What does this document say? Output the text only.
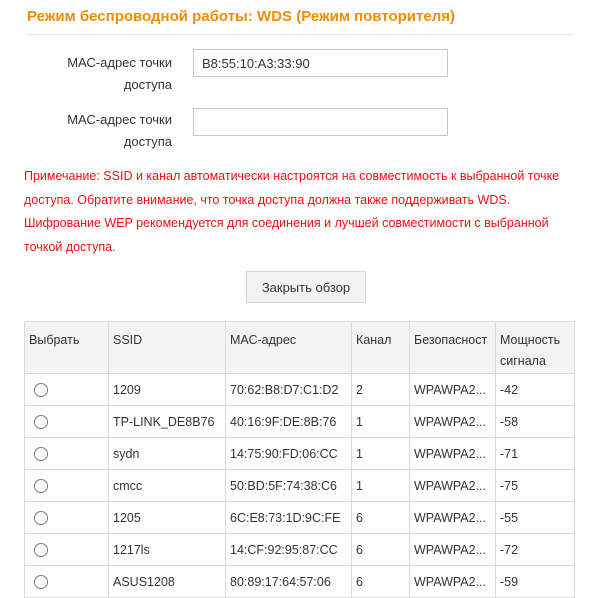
Режим беспроводной работы: WDS (Режим повторителя)
МАС-адрес точки
доступа
B8:55:10:A3:33:90
МАС-адрес точки
доступа
Примечание: SSID и канал автоматически настроятся на совместимость к выбранной точке доступа. Обратите внимание, что точка доступа должна также поддерживать WDS. Шифрование WEP рекомендуется для соединения и лучшей совместимости с выбранной точкой доступа.
Закрыть обзор
Выбрать	SSID	МАС-адрес	Канал	Безопасност	Мощность
сигнала

	1209	70:62:B8:D7:C1:D2	2	WPAWPA2...	-42
	TP-LINK_DE8B76	40:16:9F:DE:8B:76	1	WPAWPA2...	-58
	sydn	14:75:90:FD:06:CC	1	WPAWPA2...	-71
	cmcc	50:BD:5F:74:38:C6	1	WPAWPA2...	-75
	1205	6C:E8:73:1D:9C:FE	6	WPAWPA2...	-55
	1217ls	14:CF:92:95:87:CC	6	WPAWPA2...	-72
	ASUS1208	80:89:17:64:57:06	6	WPAWPA2...	-59
